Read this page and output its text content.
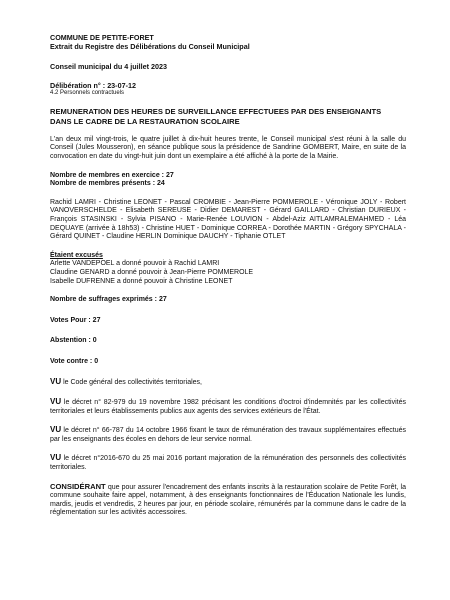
COMMUNE DE PETITE-FORET

Extrait du Registre des Délibérations du Conseil Municipal

Conseil municipal du 4 juillet 2023

Délibération n° : 23-07-12

4.2 Personnels contractuels

REMUNERATION DES HEURES DE SURVEILLANCE EFFECTUEES PAR DES ENSEIGNANTS

DANS LE CADRE DE LA RESTAURATION SCOLAIRE

L'an deux mil vingt-trois, le quatre juillet à dix-huit heures trente, le Conseil municipal s'est réuni à la salle du Conseil (Jules Mousseron), en séance publique sous la présidence de Sandrine GOMBERT, Maire, en suite de la convocation en date du vingt-huit juin dont un exemplaire a été affiché à la porte de la Mairie.

Nombre de membres en exercice : 27

Nombre de membres présents : 24

Rachid LAMRI - Christine LEONET - Pascal CROMBIE - Jean-Pierre POMMEROLE - Véronique JOLY - Robert VANOVERSCHELDE - Elisabeth SEREUSE - Didier DEMAREST - Gérard GAILLARD - Christian DURIEUX - François STASINSKI - Sylvia PISANO - Marie-Renée LOUVION - Abdel-Aziz AITLAMRALEMAHMED - Léa DEQUAYE (arrivée à 18h53) - Christine HUET - Dominique CORREA - Dorothée MARTIN - Grégory SPYCHALA - Gérard QUINET - Claudine HERLIN Dominique DAUCHY - Tiphanie OTLET

Étaient excusés

Arlette VANDEPOEL a donné pouvoir à Rachid LAMRI

Claudine GENARD a donné pouvoir à Jean-Pierre POMMEROLE

Isabelle DUFRENNE a donné pouvoir à Christine LEONET

Nombre de suffrages exprimés : 27

Votes Pour : 27

Abstention : 0

Vote contre : 0

VU le Code général des collectivités territoriales,

VU le décret n° 82-979 du 19 novembre 1982 précisant les conditions d'octroi d'indemnités par les collectivités territoriales et leurs établissements publics aux agents des services extérieurs de l'État.

VU le décret n° 66-787 du 14 octobre 1966 fixant le taux de rémunération des travaux supplémentaires effectués par les enseignants des écoles en dehors de leur service normal.

VU le décret n°2016-670 du 25 mai 2016 portant majoration de la rémunération des personnels des collectivités territoriales.

CONSIDÉRANT que pour assurer l'encadrement des enfants inscrits à la restauration scolaire de Petite Forêt, la commune souhaite faire appel, notamment, à des enseignants fonctionnaires de l'Éducation Nationale les lundis, mardis, jeudis et vendredis, 2 heures par jour, en période scolaire, rémunérés par la commune dans le cadre de la réglementation sur les activités accessoires.
